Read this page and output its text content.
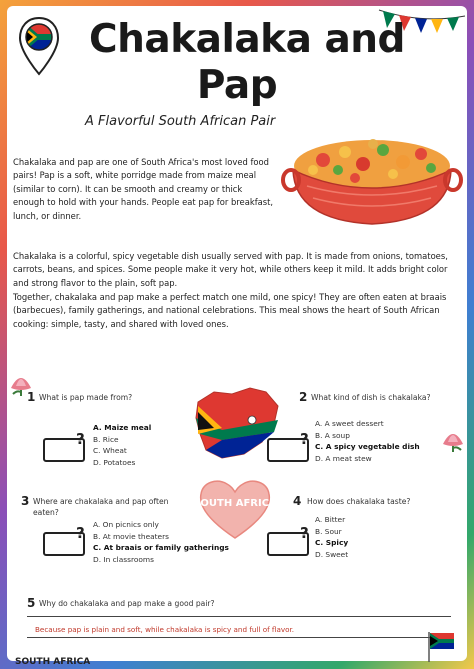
Chakalaka and
Pap
A Flavorful South African Pair

Chakalaka and pap are one of South Africa's most loved food pairs! Pap is a soft, white porridge made from maize meal (similar to corn). It can be smooth and creamy or thick enough to hold with your hands. People eat pap for breakfast, lunch, or dinner.

Chakalaka is a colorful, spicy vegetable dish usually served with pap. It is made from onions, tomatoes, carrots, beans, and spices. Some people make it very hot, while others keep it mild. It adds bright color and strong flavor to the plain, soft pap.

Together, chakalaka and pap make a perfect match one mild, one spicy! They are often eaten at braais (barbecues), family gatherings, and national celebrations. This meal shows the heart of South African cooking: simple, tasty, and shared with loved ones.

SOUTH AFRICA
1 What is pap made from?
?
A. Maize meal
B. Rice
C. Wheat
D. Potatoes
2 What kind of dish is chakalaka?
?
A. A sweet dessert
B. A soup
C. A spicy vegetable dish
D. A meat stew
3 Where are chakalaka and pap often eaten?
? A. On picnics only
B. At movie theaters
C. At braais or family gatherings
D. In classrooms
4 How does chakalaka taste?
?
A. Bitter
B. Sour
C. Spicy
D. Sweet
5 Why do chakalaka and pap make a good pair?
Because pap is plain and soft, while chakalaka is spicy and full of flavor.
SOUTH AFRICA
